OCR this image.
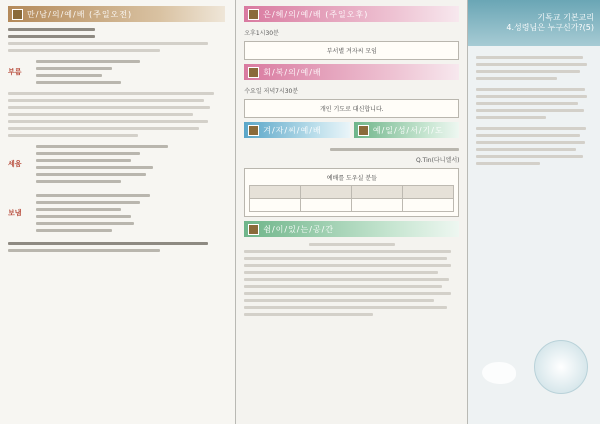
만/남/의/예/배 (주일오전)
부름
세움
보냄
은/혜/의/예/배 (주일오후)
오후1시30분
부서별 겨자씨 모임
회/복/의/예/배
수요일 저녁7시30분
개인 기도로 대신합니다.
겨/자/씨/예/배	예/일/성/서/기/도
Q.Tin(다니엘서)
예배를 도우실 분들

쉼/이/있/는/공/간
기독교 기본교리
4.성령님은 누구신가?(5)
